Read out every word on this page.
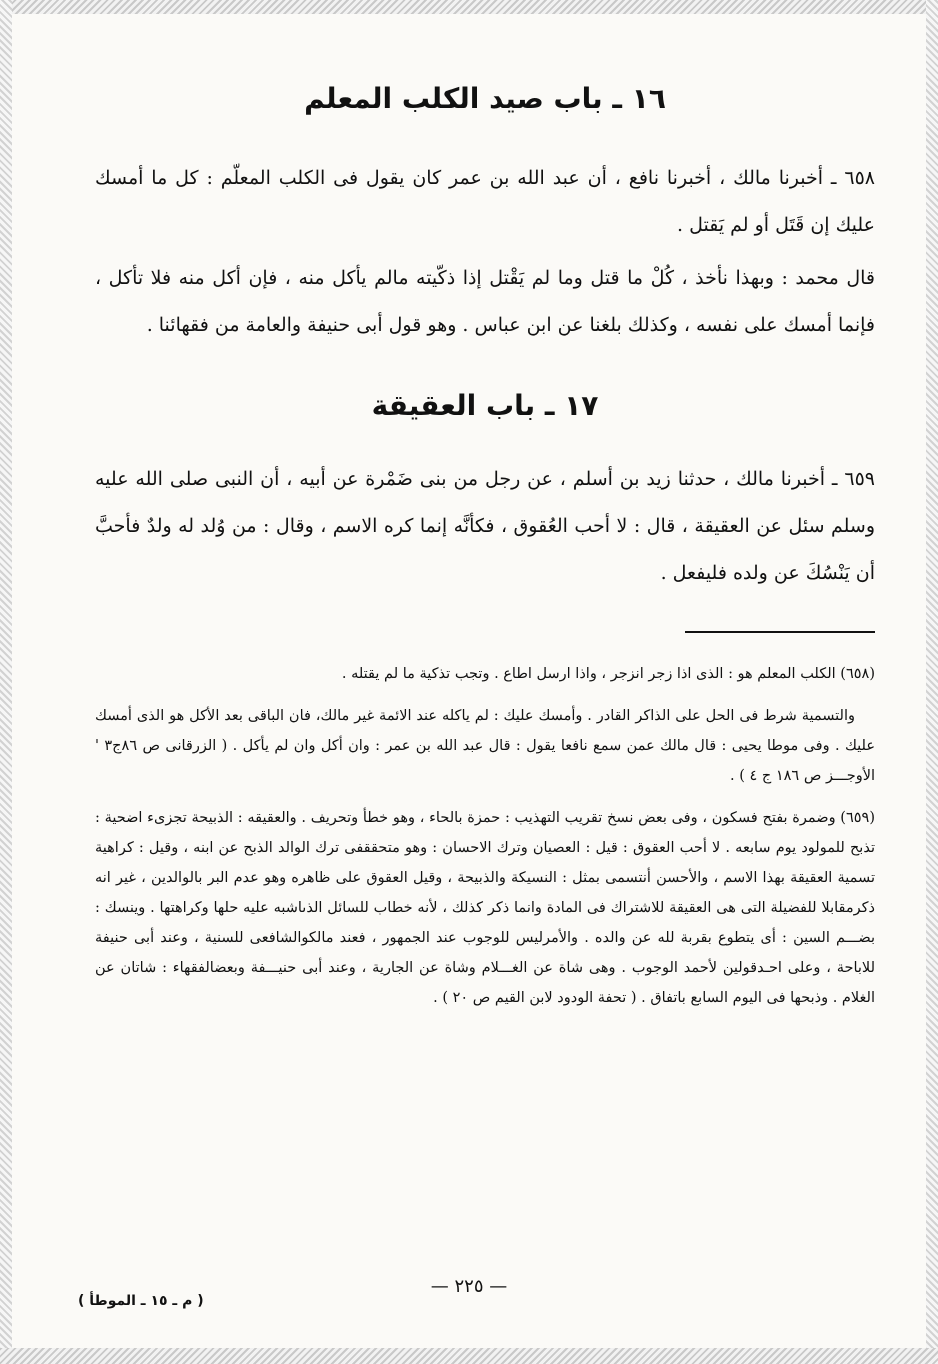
١٦ ـ باب صيد الكلب المعلم

٦٥٨ ـ أخبرنا مالك ، أخبرنا نافع ، أن عبد الله بن عمر كان يقول فى الكلب المعلّم : كل ما أمسك عليك إن قَتَل أو لم يَقتل .

قال محمد : وبهذا نأخذ ، كُلْ ما قتل وما لم يَقْتل إذا ذكّيته مالم يأكل منه ، فإن أكل منه فلا تأكل ، فإنما أمسك على نفسه ، وكذلك بلغنا عن ابن عباس . وهو قول أبى حنيفة والعامة من فقهائنا .

١٧ ـ باب العقيقة

٦٥٩ ـ أخبرنا مالك ، حدثنا زيد بن أسلم ، عن رجل من بنى ضَمْرة عن أبيه ، أن النبى صلى الله عليه وسلم سئل عن العقيقة ، قال : لا أحب العُقوق ، فكأنَّه إنما كره الاسم ، وقال : من وُلد له ولدٌ فأحبَّ أن يَنْسُكَ عن ولده فليفعل .

(٦٥٨) الكلب المعلم هو : الذى اذا زجر انزجر ، واذا ارسل اطاع . وتجب تذكية ما لم يقتله .

والتسمية شرط فى الحل على الذاكر القادر . وأمسك عليك : لم ياكله عند الائمة غير مالك، فان الباقى بعد الأكل هو الذى أمسك عليك . وفى موطا يحيى : قال مالك عمن سمع نافعا يقول : قال عبد الله بن عمر : وان أكل وان لم يأكل . ( الزرقانى ص ٨٦ج٣ ' الأوجـــز ص ١٨٦ ج ٤ ) .

(٦٥٩) وضمرة بفتح فسكون ، وفى بعض نسخ تقريب التهذيب : حمزة بالحاء ، وهو خطأ وتحريف . والعقيقه : الذبيحة تجزىء اضحية : تذبح للمولود يوم سابعه . لا أحب العقوق : قيل : العصيان وترك الاحسان : وهو متحققفى ترك الوالد الذبح عن ابنه ، وقيل : كراهية تسمية العقيقة بهذا الاسم ، والأحسن أنتسمى بمثل : النسيكة والذبيحة ، وقيل العقوق على ظاهره وهو عدم البر بالوالدين ، غير انه ذكرمقابلا للفضيلة التى هى العقيقة للاشتراك فى المادة وانما ذكر كذلك ، لأنه خطاب للسائل الذىاشبه عليه حلها وكراهتها . وينسك : بضـــم السين : أى يتطوع بقربة لله عن والده . والأمرليس للوجوب عند الجمهور ، فعند مالكوالشافعى للسنية ، وعند أبى حنيفة للاباحة ، وعلى احـدقولين لأحمد الوجوب . وهى شاة عن الغـــلام وشاة عن الجارية ، وعند أبى حنيـــفة وبعضالفقهاء : شاتان عن الغلام . وذبحها فى اليوم السابع باتفاق . ( تحفة الودود لابن القيم ص ٢٠ ) .

— ٢٢٥ —
( م ـ ١٥ ـ الموطأ )
